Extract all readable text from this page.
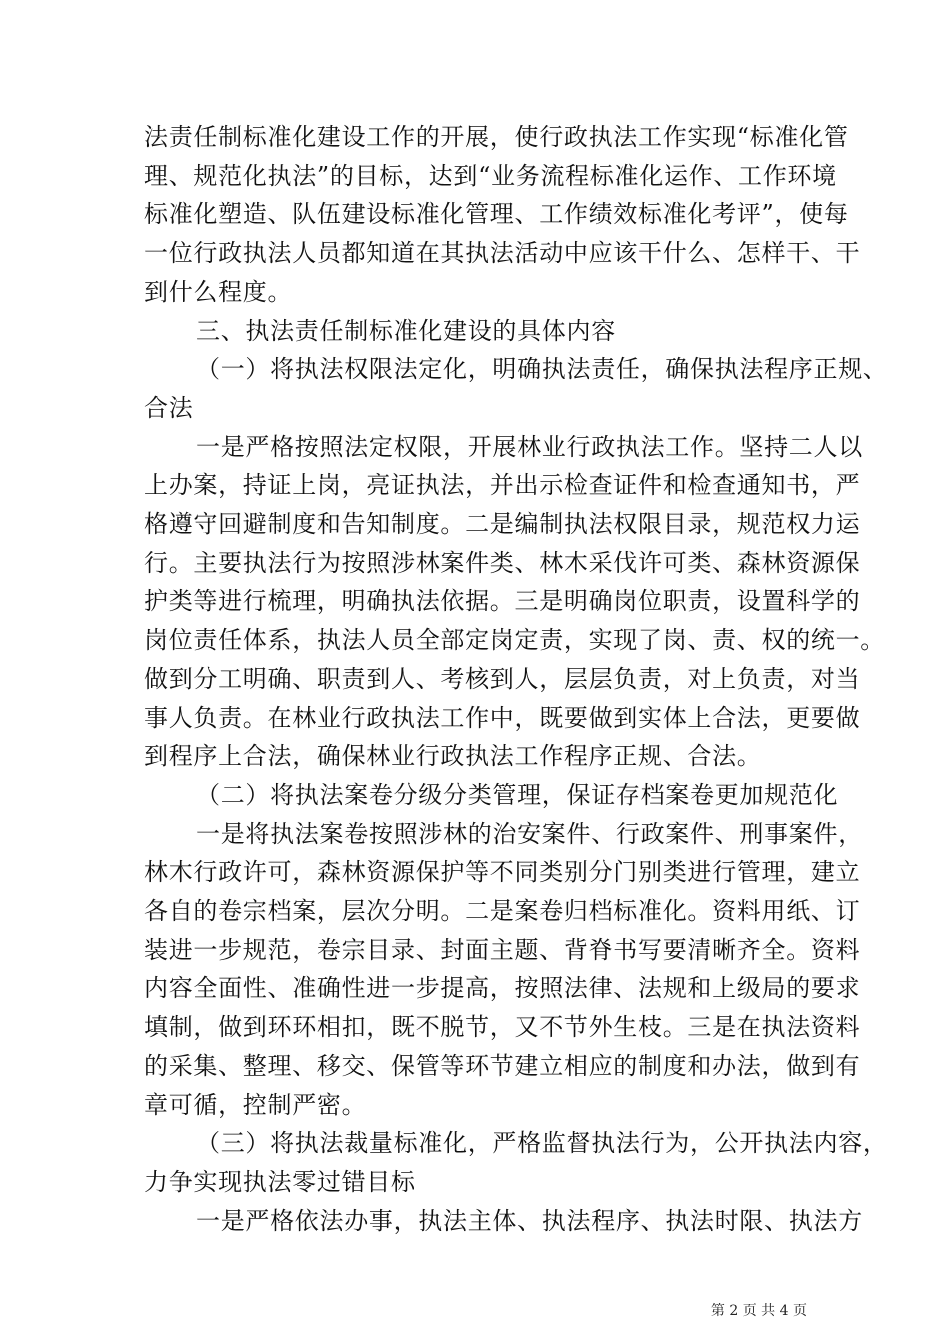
法责任制标准化建设工作的开展，使行政执法工作实现“标准化管
理、规范化执法”的目标，达到“业务流程标准化运作、工作环境
标准化塑造、队伍建设标准化管理、工作绩效标准化考评”，使每
一位行政执法人员都知道在其执法活动中应该干什么、怎样干、干
到什么程度。
三、执法责任制标准化建设的具体内容
（一）将执法权限法定化，明确执法责任，确保执法程序正规、
合法
一是严格按照法定权限，开展林业行政执法工作。坚持二人以
上办案，持证上岗，亮证执法，并出示检查证件和检查通知书，严
格遵守回避制度和告知制度。二是编制执法权限目录，规范权力运
行。主要执法行为按照涉林案件类、林木采伐许可类、森林资源保
护类等进行梳理，明确执法依据。三是明确岗位职责，设置科学的
岗位责任体系，执法人员全部定岗定责，实现了岗、责、权的统一。
做到分工明确、职责到人、考核到人，层层负责，对上负责，对当
事人负责。在林业行政执法工作中，既要做到实体上合法，更要做
到程序上合法，确保林业行政执法工作程序正规、合法。
（二）将执法案卷分级分类管理，保证存档案卷更加规范化
一是将执法案卷按照涉林的治安案件、行政案件、刑事案件，
林木行政许可，森林资源保护等不同类别分门别类进行管理，建立
各自的卷宗档案，层次分明。二是案卷归档标准化。资料用纸、订
装进一步规范，卷宗目录、封面主题、背脊书写要清晰齐全。资料
内容全面性、准确性进一步提高，按照法律、法规和上级局的要求
填制，做到环环相扣，既不脱节，又不节外生枝。三是在执法资料
的采集、整理、移交、保管等环节建立相应的制度和办法，做到有
章可循，控制严密。
（三）将执法裁量标准化，严格监督执法行为，公开执法内容，
力争实现执法零过错目标
一是严格依法办事，执法主体、执法程序、执法时限、执法方

第 2 页 共 4 页
